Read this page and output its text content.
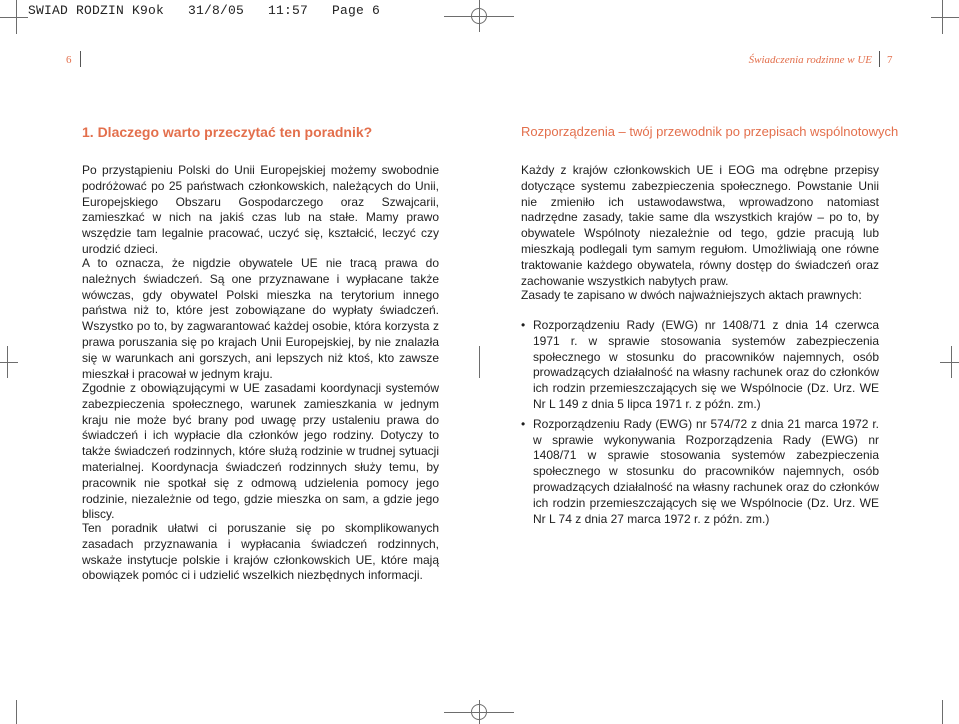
SWIAD RODZIN K9ok   31/8/05   11:57   Page 6
6	Świadczenia rodzinne w UE 7
1. Dlaczego warto przeczytać ten poradnik?

Po przystąpieniu Polski do Unii Europejskiej możemy swobodnie podróżować po 25 państwach członkowskich, należących do Unii, Europejskiego Obszaru Gospodarczego oraz Szwajcarii, zamieszkać w nich na jakiś czas lub na stałe. Mamy prawo wszędzie tam legalnie pracować, uczyć się, kształcić, leczyć czy urodzić dzieci.

A to oznacza, że nigdzie obywatele UE nie tracą prawa do należnych świadczeń. Są one przyznawane i wypłacane także wówczas, gdy obywatel Polski mieszka na terytorium innego państwa niż to, które jest zobowiązane do wypłaty świadczeń. Wszystko po to, by zagwarantować każdej osobie, która korzysta z prawa poruszania się po krajach Unii Europejskiej, by nie znalazła się w warunkach ani gorszych, ani lepszych niż ktoś, kto zawsze mieszkał i pracował w jednym kraju.

Zgodnie z obowiązującymi w UE zasadami koordynacji systemów zabezpieczenia społecznego, warunek zamieszkania w jednym kraju nie może być brany pod uwagę przy ustaleniu prawa do świadczeń i ich wypłacie dla członków jego rodziny. Dotyczy to także świadczeń rodzinnych, które służą rodzinie w trudnej sytuacji materialnej. Koordynacja świadczeń rodzinnych służy temu, by pracownik nie spotkał się z odmową udzielenia pomocy jego rodzinie, niezależnie od tego, gdzie mieszka on sam, a gdzie jego bliscy.

Ten poradnik ułatwi ci poruszanie się po skomplikowanych zasadach przyznawania i wypłacania świadczeń rodzinnych, wskaże instytucje polskie i krajów członkowskich UE, które mają obowiązek pomóc ci i udzielić wszelkich niezbędnych informacji.

Rozporządzenia – twój przewodnik po przepisach wspólnotowych

Każdy z krajów członkowskich UE i EOG ma odrębne przepisy dotyczące systemu zabezpieczenia społecznego. Powstanie Unii nie zmieniło ich ustawodawstwa, wprowadzono natomiast nadrzędne zasady, takie same dla wszystkich krajów – po to, by obywatele Wspólnoty niezależnie od tego, gdzie pracują lub mieszkają podlegali tym samym regułom. Umożliwiają one równe traktowanie każdego obywatela, równy dostęp do świadczeń oraz zachowanie wszystkich nabytych praw.

Zasady te zapisano w dwóch najważniejszych aktach prawnych:

• Rozporządzeniu Rady (EWG) nr 1408/71 z dnia 14 czerwca 1971 r. w sprawie stosowania systemów zabezpieczenia społecznego w stosunku do pracowników najemnych, osób prowadzących działalność na własny rachunek oraz do członków ich rodzin przemieszczających się we Wspólnocie (Dz. Urz. WE Nr L 149 z dnia 5 lipca 1971 r. z późn. zm.)
• Rozporządzeniu Rady (EWG) nr 574/72 z dnia 21 marca 1972 r. w sprawie wykonywania Rozporządzenia Rady (EWG) nr 1408/71 w sprawie stosowania systemów zabezpieczenia społecznego w stosunku do pracowników najemnych, osób prowadzących działalność na własny rachunek oraz do członków ich rodzin przemieszczających się we Wspólnocie (Dz. Urz. WE Nr L 74 z dnia 27 marca 1972 r. z późn. zm.)
